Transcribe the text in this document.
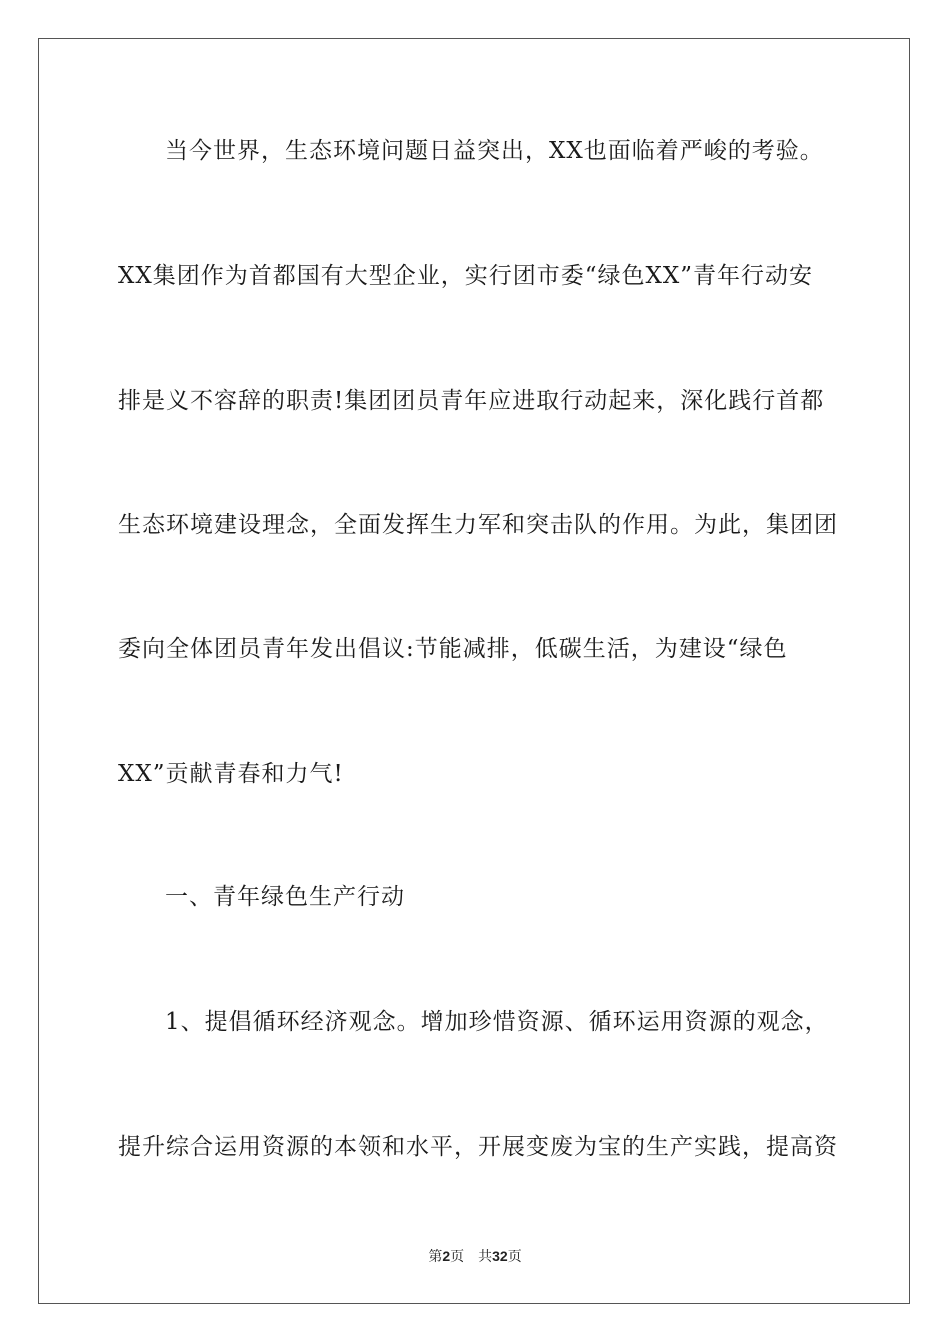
当今世界，生态环境问题日益突出，XX也面临着严峻的考验。
XX集团作为首都国有大型企业，实行团市委“绿色XX”青年行动安
排是义不容辞的职责!集团团员青年应进取行动起来，深化践行首都
生态环境建设理念，全面发挥生力军和突击队的作用。为此，集团团
委向全体团员青年发出倡议:节能减排，低碳生活，为建设“绿色
XX”贡献青春和力气!
一、青年绿色生产行动
1、提倡循环经济观念。增加珍惜资源、循环运用资源的观念，
提升综合运用资源的本领和水平，开展变废为宝的生产实践，提高资
第2页 共32页
